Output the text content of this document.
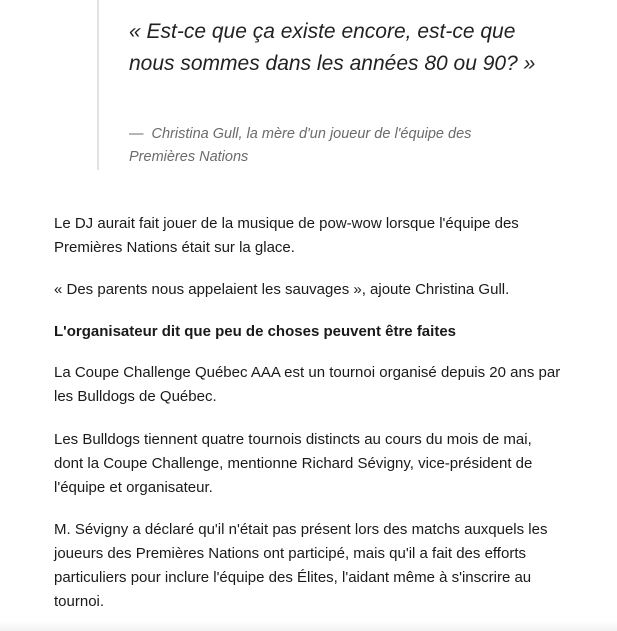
« Est-ce que ça existe encore, est-ce que nous sommes dans les années 80 ou 90? »

— Christina Gull, la mère d'un joueur de l'équipe des Premières Nations

Le DJ aurait fait jouer de la musique de pow-wow lorsque l'équipe des Premières Nations était sur la glace.

« Des parents nous appelaient les sauvages », ajoute Christina Gull.

L'organisateur dit que peu de choses peuvent être faites

La Coupe Challenge Québec AAA est un tournoi organisé depuis 20 ans par les Bulldogs de Québec.

Les Bulldogs tiennent quatre tournois distincts au cours du mois de mai, dont la Coupe Challenge, mentionne Richard Sévigny, vice-président de l'équipe et organisateur.

M. Sévigny a déclaré qu'il n'était pas présent lors des matchs auxquels les joueurs des Premières Nations ont participé, mais qu'il a fait des efforts particuliers pour inclure l'équipe des Élites, l'aidant même à s'inscrire au tournoi.
